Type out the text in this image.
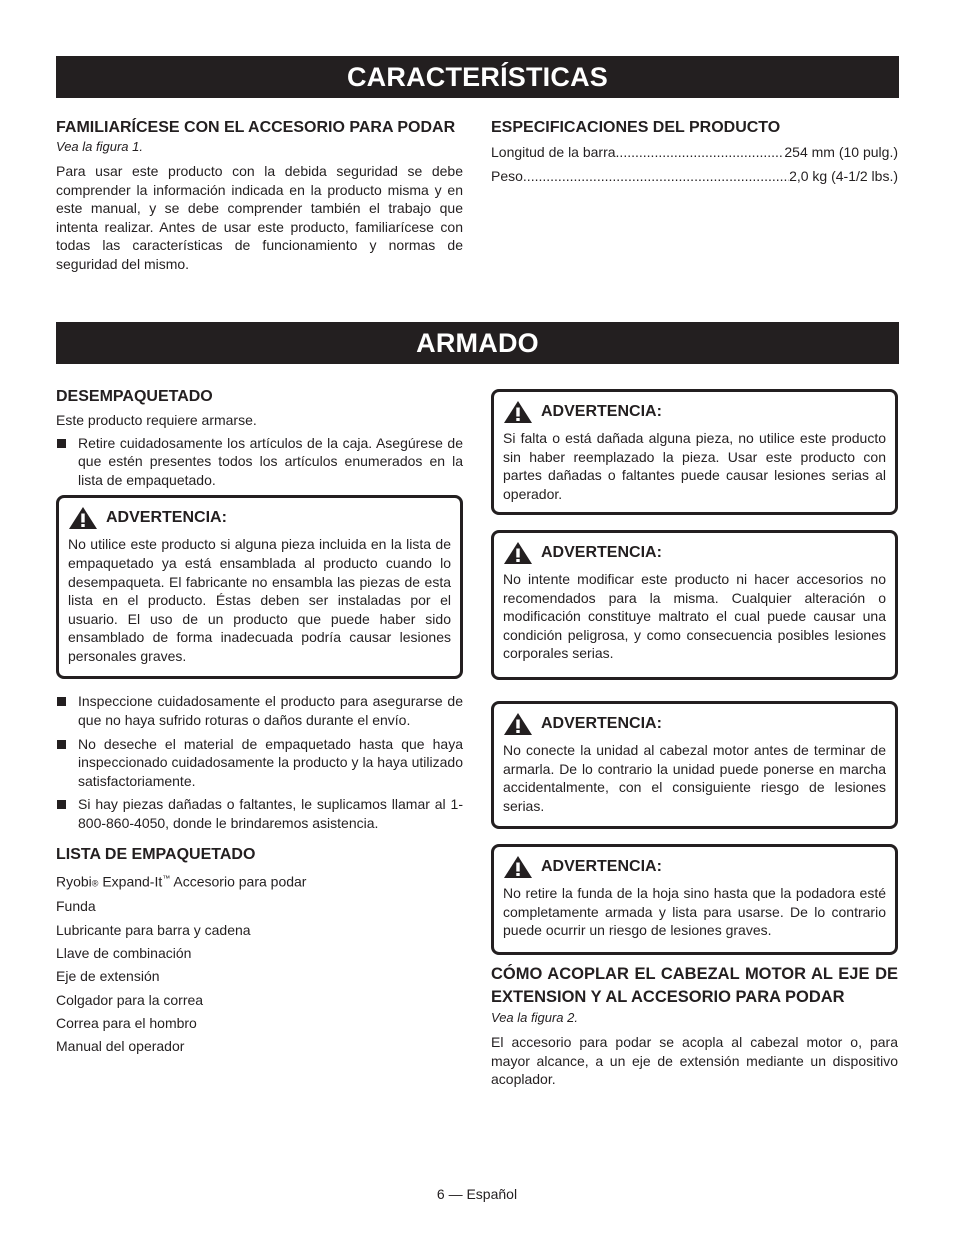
CARACTERÍSTICAS
FAMILIARÍCESE CON EL ACCESORIO PARA PODAR
Vea la figura 1.

Para usar este producto con la debida seguridad se debe comprender la información indicada en la producto misma y en este manual, y se debe comprender también el trabajo que intenta realizar. Antes de usar este producto, familiarícese con todas las características de funcionamiento y normas de seguridad del mismo.

ESPECIFICACIONES DEL PRODUCTO
Longitud de la barra .....	254 mm (10 pulg.)
Peso .....	2,0 kg (4-1/2 lbs.)
ARMADO
DESEMPAQUETADO

Este producto requiere armarse.

Retire cuidadosamente los artículos de la caja. Asegúrese de que estén presentes todos los artículos enumerados en la lista de empaquetado.
ADVERTENCIA:

No utilice este producto si alguna pieza incluida en la lista de empaquetado ya está ensamblada al producto cuando lo desempaqueta. El fabricante no ensambla las piezas de esta lista en el producto. Éstas deben ser instaladas por el usuario. El uso de un producto que puede haber sido ensamblado de forma inadecuada podría causar lesiones personales graves.

Inspeccione cuidadosamente el producto para asegurarse de que no haya sufrido roturas o daños durante el envío.
No deseche el material de empaquetado hasta que haya inspeccionado cuidadosamente la producto y la haya utilizado satisfactoriamente.
Si hay piezas dañadas o faltantes, le suplicamos llamar al 1-800-860-4050, donde le brindaremos asistencia.
LISTA DE EMPAQUETADO
Ryobi® Expand-It™ Accesorio para podar
Funda
Lubricante para barra y cadena
Llave de combinación
Eje de extensión
Colgador para la correa
Correa para el hombro
Manual del operador
ADVERTENCIA:

Si falta o está dañada alguna pieza, no utilice este producto sin haber reemplazado la pieza. Usar este producto con partes dañadas o faltantes puede causar lesiones serias al operador.

ADVERTENCIA:

No intente modificar este producto ni hacer accesorios no recomendados para la misma. Cualquier alteración o modificación constituye maltrato el cual puede causar una condición peligrosa, y como consecuencia posibles lesiones corporales serias.

ADVERTENCIA:

No conecte la unidad al cabezal motor antes de terminar de armarla. De lo contrario la unidad puede ponerse en marcha accidentalmente, con el consiguiente riesgo de lesiones serias.

ADVERTENCIA:

No retire la funda de la hoja sino hasta que la podadora esté completamente armada y lista para usarse. De lo contrario puede ocurrir un riesgo de lesiones graves.

CÓMO ACOPLAR EL CABEZAL MOTOR AL EJE DE EXTENSION Y AL ACCESORIO PARA PODAR
Vea la figura 2.

El accesorio para podar se acopla al cabezal motor o, para mayor alcance, a un eje de extensión mediante un dispositivo acoplador.

6 — Español
